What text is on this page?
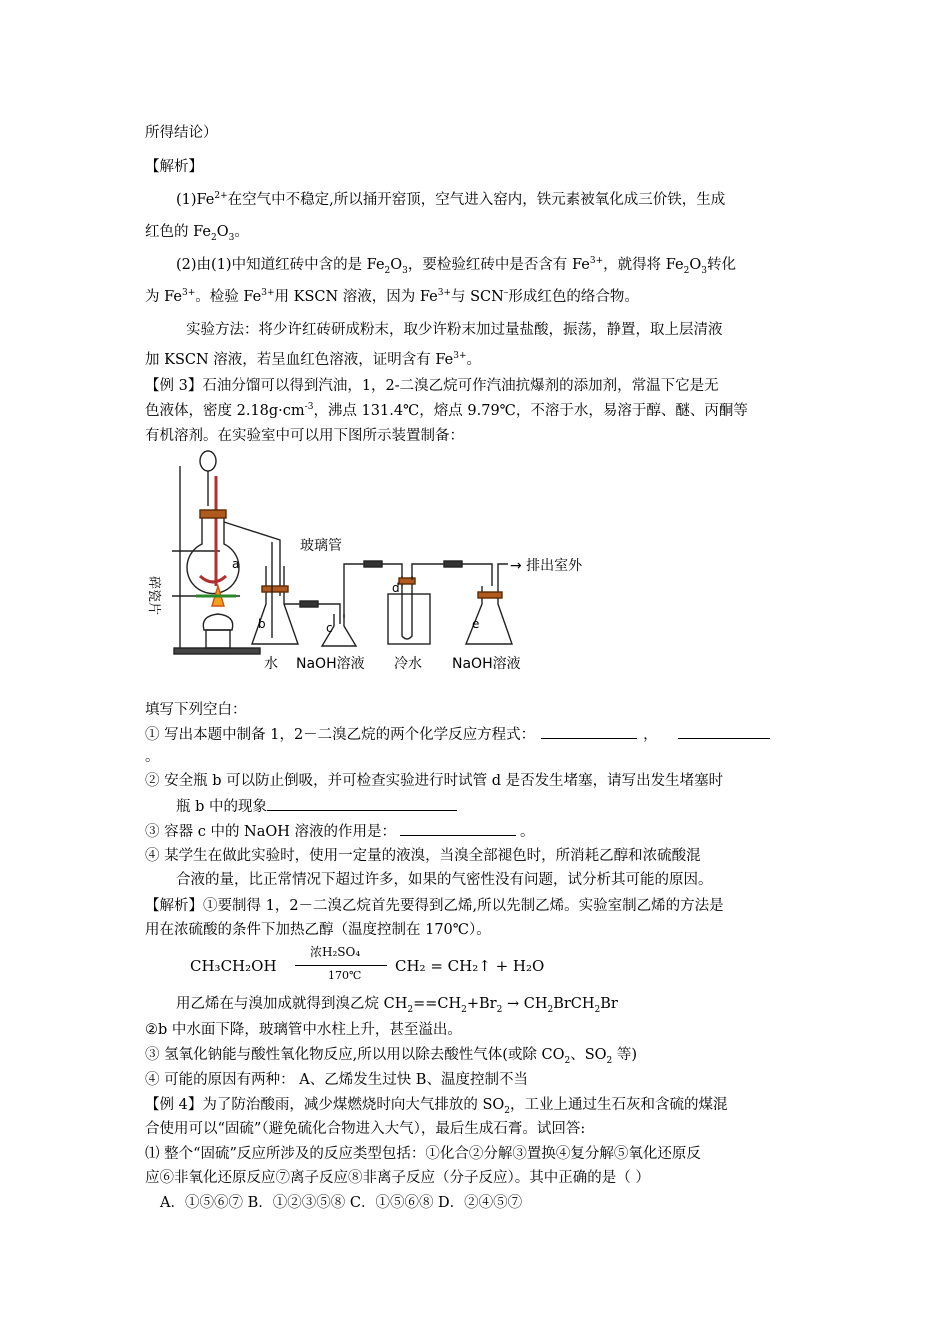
所得结论）
【解析】
$(1)Fe^{2+}$在空气中不稳定,所以捅开窑顶，空气进入窑内，铁元素被氧化成三价铁，生成
红色的 $Fe_2O_3$。
(2)由(1)中知道红砖中含的是 $Fe_2O_3$，要检验红砖中是否含有 $Fe^{3+}$，就得将 $Fe_2O_3$转化
为 $Fe^{3+}$。检验 $Fe^{3+}$用 KSCN 溶液，因为 $Fe^{3+}$与 SCN–形成红色的络合物。
实验方法：将少许红砖研成粉末，取少许粉末加过量盐酸，振荡，静置，取上层清液
加 KSCN 溶液，若呈血红色溶液，证明含有 $Fe^{3+}$。
【例 3】石油分馏可以得到汽油，1，2-二溴乙烷可作汽油抗爆剂的添加剂，常温下它是无
色液体，密度 $2.18g\cdot cm^{-3}$，沸点 131.4℃，熔点 9.79℃，不溶于水，易溶于醇、醚、丙酮等
有机溶剂。在实验室中可以用下图所示装置制备：
玻璃管
→ 排出室外
碎瓷片
a
b	c
d
e
水 NaOH溶液 冷水 NaOH溶液
填写下列空白：
① 写出本题中制备 1，2－二溴乙烷的两个化学反应方程式：	，
。
② 安全瓶 b 可以防止倒吸，并可检查实验进行时试管 d 是否发生堵塞，请写出发生堵塞时
瓶 b 中的现象
③ 容器 c 中的 NaOH 溶液的作用是：	。
④ 某学生在做此实验时，使用一定量的液溴，当溴全部褪色时，所消耗乙醇和浓硫酸混
合液的量，比正常情况下超过许多，如果的气密性没有问题，试分析其可能的原因。
【解析】①要制得 1，2－二溴乙烷首先要得到乙烯,所以先制乙烯。实验室制乙烯的方法是
用在浓硫酸的条件下加热乙醇（温度控制在 170℃）。
CH₃CH₂OH
浓H₂SO₄
170℃
CH₂ = CH₂↑ + H₂O
用乙烯在与溴加成就得到溴乙烷 $CH_2==CH_2+Br_2$ → $CH_2BrCH_2Br$
②b 中水面下降，玻璃管中水柱上升，甚至溢出。
③ 氢氧化钠能与酸性氧化物反应,所以用以除去酸性气体(或除 $CO_2$、$SO_2$ 等)
④ 可能的原因有两种： A、乙烯发生过快 B、温度控制不当
【例 4】为了防治酸雨，减少煤燃烧时向大气排放的 $SO_2$，工业上通过生石灰和含硫的煤混
合使用可以“固硫”（避免硫化合物进入大气），最后生成石膏。试回答:
⑴ 整个“固硫”反应所涉及的反应类型包括：①化合②分解③置换④复分解⑤氧化还原反
应⑥非氧化还原反应⑦离子反应⑧非离子反应（分子反应）。其中正确的是（ ）
A．①⑤⑥⑦ B．①②③⑤⑧ C．①⑤⑥⑧ D．②④⑤⑦
